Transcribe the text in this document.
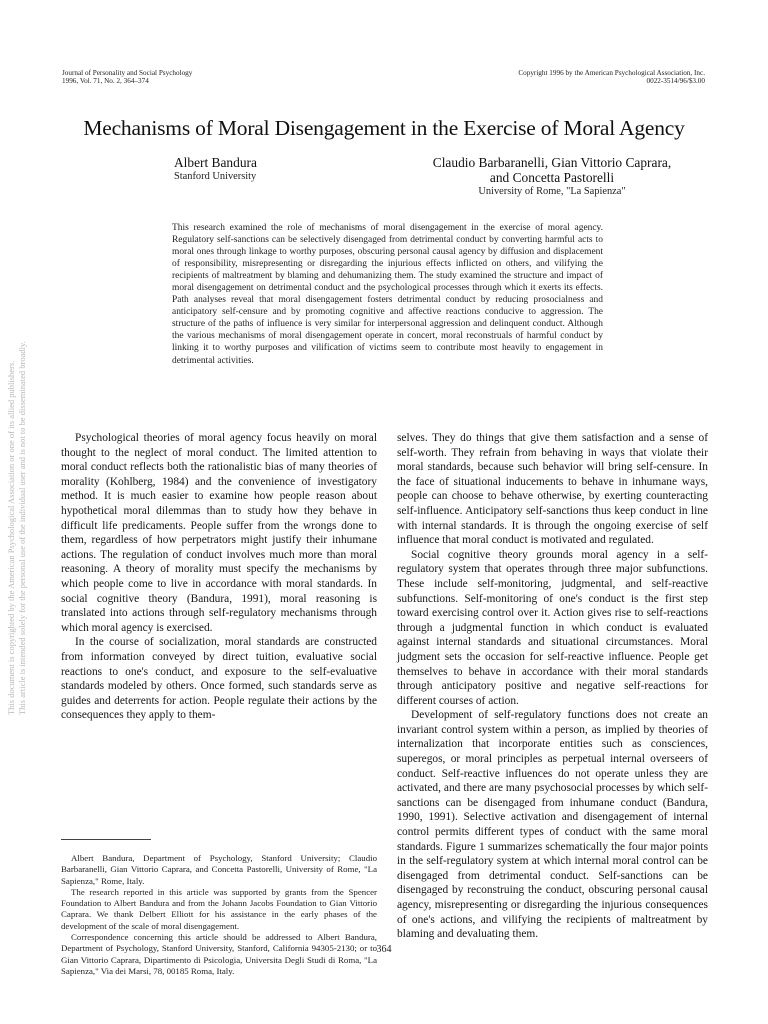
Journal of Personality and Social Psychology
1996, Vol. 71, No. 2, 364–374
Copyright 1996 by the American Psychological Association, Inc.
0022-3514/96/$3.00
Mechanisms of Moral Disengagement in the Exercise of Moral Agency
Albert Bandura
Stanford University
Claudio Barbaranelli, Gian Vittorio Caprara,
and Concetta Pastorelli
University of Rome, "La Sapienza"
This research examined the role of mechanisms of moral disengagement in the exercise of moral agency. Regulatory self-sanctions can be selectively disengaged from detrimental conduct by converting harmful acts to moral ones through linkage to worthy purposes, obscuring personal causal agency by diffusion and displacement of responsibility, misrepresenting or disregarding the injurious effects inflicted on others, and vilifying the recipients of maltreatment by blaming and dehumanizing them. The study examined the structure and impact of moral disengagement on detrimental conduct and the psychological processes through which it exerts its effects. Path analyses reveal that moral disengagement fosters detrimental conduct by reducing prosocialness and anticipatory self-censure and by promoting cognitive and affective reactions conducive to aggression. The structure of the paths of influence is very similar for interpersonal aggression and delinquent conduct. Although the various mechanisms of moral disengagement operate in concert, moral reconstruals of harmful conduct by linking it to worthy purposes and vilification of victims seem to contribute most heavily to engagement in detrimental activities.

Psychological theories of moral agency focus heavily on moral thought to the neglect of moral conduct. The limited attention to moral conduct reflects both the rationalistic bias of many theories of morality (Kohlberg, 1984) and the convenience of investigatory method. It is much easier to examine how people reason about hypothetical moral dilemmas than to study how they behave in difficult life predicaments. People suffer from the wrongs done to them, regardless of how perpetrators might justify their inhumane actions. The regulation of conduct involves much more than moral reasoning. A theory of morality must specify the mechanisms by which people come to live in accordance with moral standards. In social cognitive theory (Bandura, 1991), moral reasoning is translated into actions through self-regulatory mechanisms through which moral agency is exercised.

In the course of socialization, moral standards are constructed from information conveyed by direct tuition, evaluative social reactions to one's conduct, and exposure to the self-evaluative standards modeled by others. Once formed, such standards serve as guides and deterrents for action. People regulate their actions by the consequences they apply to them-

selves. They do things that give them satisfaction and a sense of self-worth. They refrain from behaving in ways that violate their moral standards, because such behavior will bring self-censure. In the face of situational inducements to behave in inhumane ways, people can choose to behave otherwise, by exerting counteracting self-influence. Anticipatory self-sanctions thus keep conduct in line with internal standards. It is through the ongoing exercise of self influence that moral conduct is motivated and regulated.

Social cognitive theory grounds moral agency in a self-regulatory system that operates through three major subfunctions. These include self-monitoring, judgmental, and self-reactive subfunctions. Self-monitoring of one's conduct is the first step toward exercising control over it. Action gives rise to self-reactions through a judgmental function in which conduct is evaluated against internal standards and situational circumstances. Moral judgment sets the occasion for self-reactive influence. People get themselves to behave in accordance with their moral standards through anticipatory positive and negative self-reactions for different courses of action.

Development of self-regulatory functions does not create an invariant control system within a person, as implied by theories of internalization that incorporate entities such as consciences, superegos, or moral principles as perpetual internal overseers of conduct. Self-reactive influences do not operate unless they are activated, and there are many psychosocial processes by which self-sanctions can be disengaged from inhumane conduct (Bandura, 1990, 1991). Selective activation and disengagement of internal control permits different types of conduct with the same moral standards. Figure 1 summarizes schematically the four major points in the self-regulatory system at which internal moral control can be disengaged from detrimental conduct. Self-sanctions can be disengaged by reconstruing the conduct, obscuring personal causal agency, misrepresenting or disregarding the injurious consequences of one's actions, and vilifying the recipients of maltreatment by blaming and devaluating them.

Albert Bandura, Department of Psychology, Stanford University; Claudio Barbaranelli, Gian Vittorio Caprara, and Concetta Pastorelli, University of Rome, "La Sapienza," Rome, Italy.

The research reported in this article was supported by grants from the Spencer Foundation to Albert Bandura and from the Johann Jacobs Foundation to Gian Vittorio Caprara. We thank Delbert Elliott for his assistance in the early phases of the development of the scale of moral disengagement.

Correspondence concerning this article should be addressed to Albert Bandura, Department of Psychology, Stanford University, Stanford, California 94305-2130; or to Gian Vittorio Caprara, Dipartimento di Psicologia, Universita Degli Studi di Roma, "La Sapienza," Via dei Marsi, 78, 00185 Roma, Italy.

364
This document is copyrighted by the American Psychological Association or one of its allied publishers. This article is intended solely for the personal use of the individual user and is not to be disseminated broadly.
